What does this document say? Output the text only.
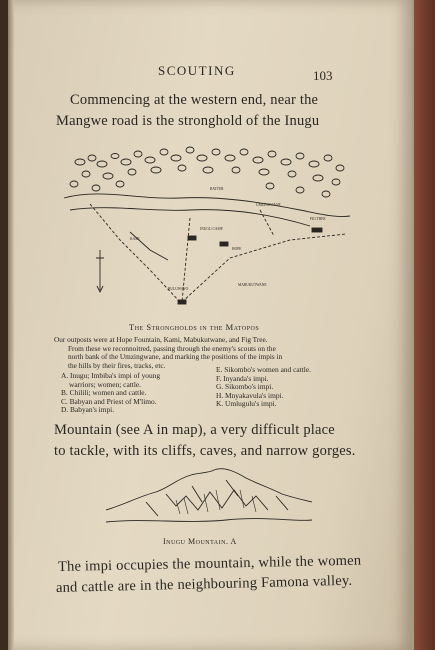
SCOUTING	103
Commencing at the western end, near the
Mangwe road is the stronghold of the Inugu
RATTER
UMZINGWANE
INUGU CAMP
HOPE
FIG TREE
KAMI
BULUWAYO
MABUKUTWANE
The Strongholds in the Matopos
Our outposts were at Hope Fountain, Kami, Mabukutwane, and Fig Tree.
From these we reconnoitred, passing through the enemy's scouts on the
north bank of the Umzingwane, and marking the positions of the impis in
the hills by their fires, tracks, etc.
A. Inugu; Imbiba's impi of young
warriors; women; cattle.
B. Chilili; women and cattle.
C. Babyan and Priest of M'limo.
D. Babyan's impi.
E. Sikombo's women and cattle.
F. Inyanda's impi.
G. Sikombo's impi.
H. Mnyakavula's impi.
K. Umlugulu's impi.
Mountain (see A in map), a very difficult place
to tackle, with its cliffs, caves, and narrow gorges.
Inugu Mountain. A
The impi occupies the mountain, while the women
and cattle are in the neighbouring Famona valley.
